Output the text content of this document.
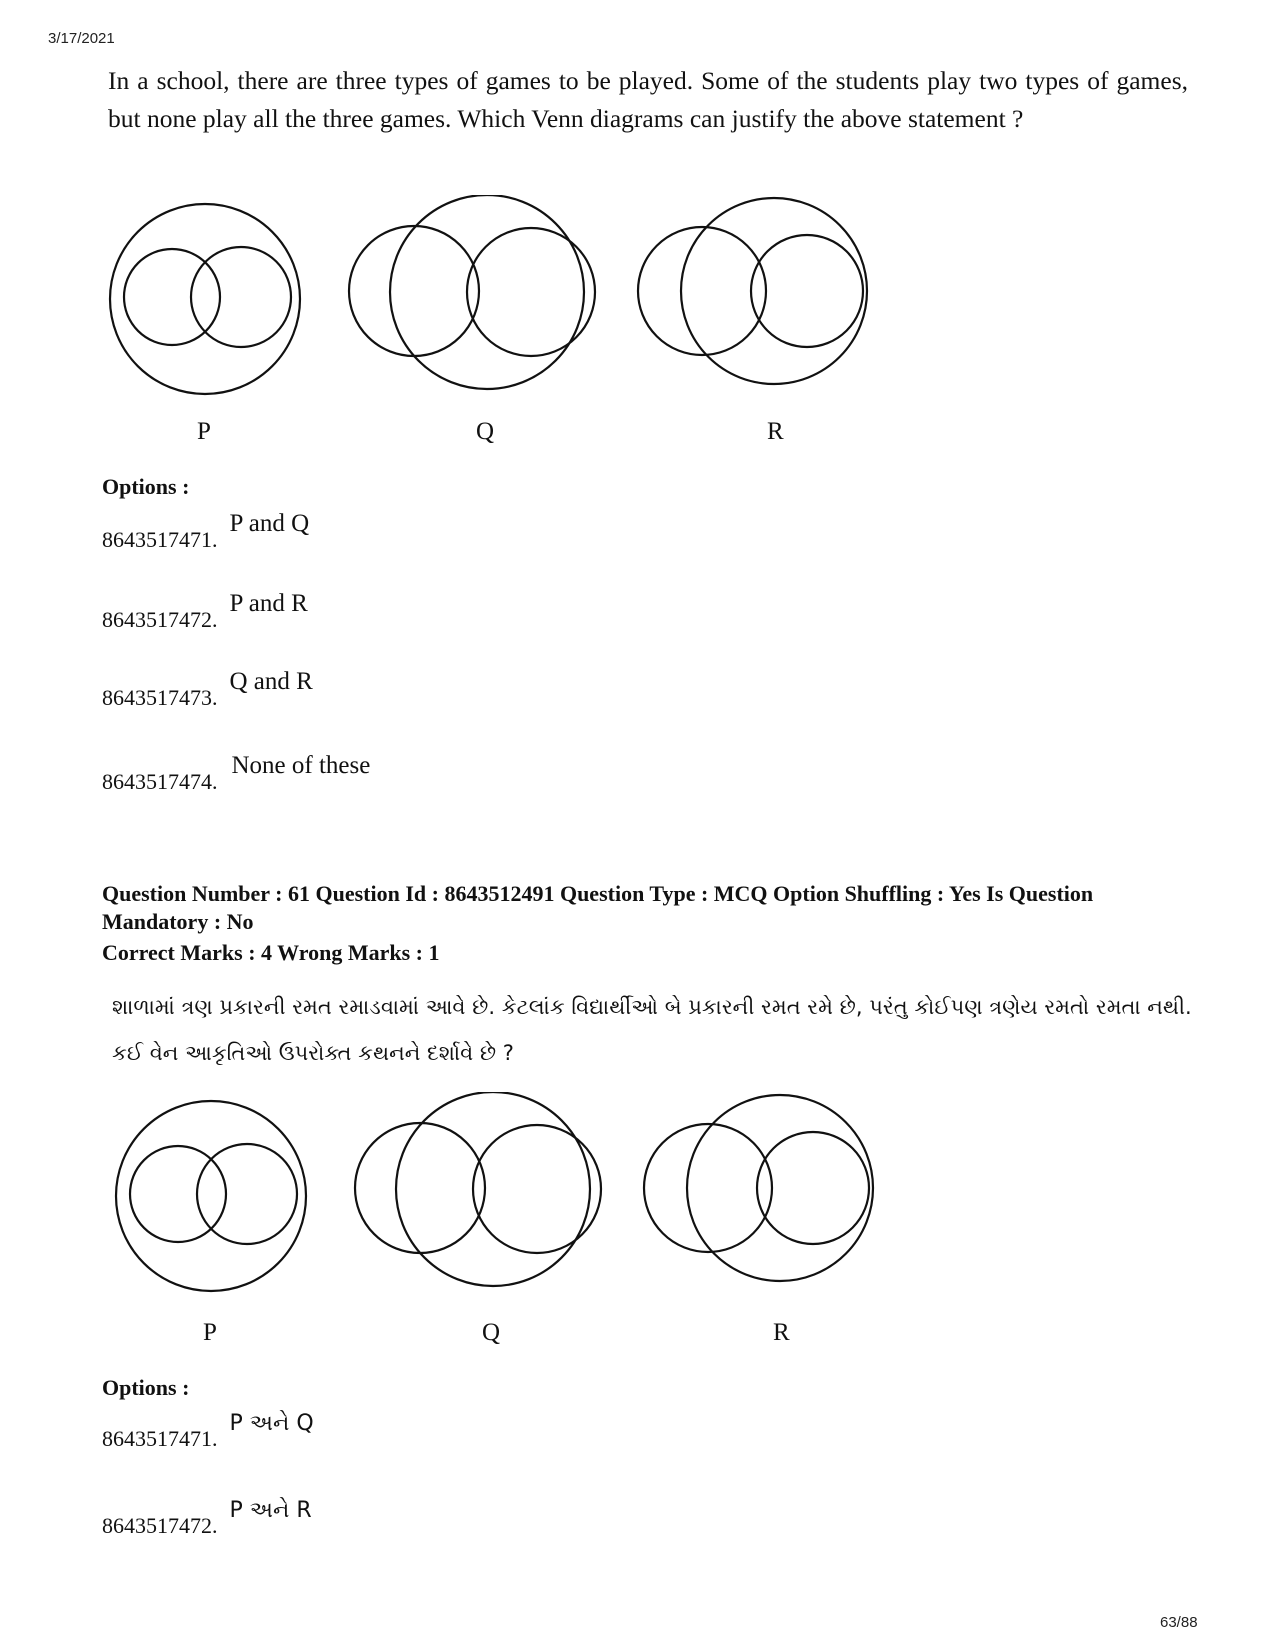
3/17/2021
In a school, there are three types of games to be played. Some of the students play two types of games, but none play all the three games. Which Venn diagrams can justify the above statement ?
P	Q	R
Options :
8643517471. P and Q
8643517472. P and R
8643517473. Q and R
8643517474. None of these
Question Number : 61 Question Id : 8643512491 Question Type : MCQ Option Shuffling : Yes Is Question Mandatory : No
Correct Marks : 4 Wrong Marks : 1
શાળામાં ત્રણ પ્રકારની રમત રમાડવામાં આવે છે. કેટલાંક વિદ્યાર્થીઓ બે પ્રકારની રમત રમે છે, પરંતુ કોઈપણ ત્રણેય રમતો રમતા નથી. કઈ વેન આકૃતિઓ ઉપરોક્ત કથનને દર્શાવે છે ?
P	Q	R
Options :
8643517471. P અને Q
8643517472. P અને R
63/88
